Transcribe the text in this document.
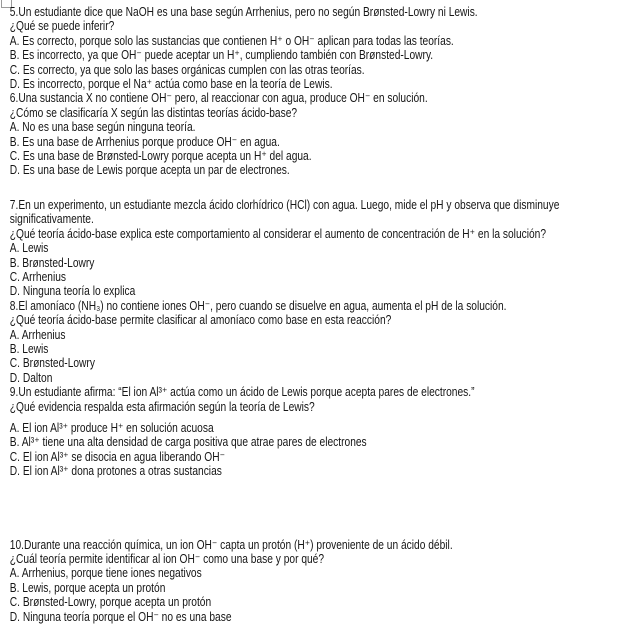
5.Un estudiante dice que NaOH es una base según Arrhenius, pero no según Brønsted-Lowry ni Lewis.
¿Qué se puede inferir?
A. Es correcto, porque solo las sustancias que contienen H⁺ o OH⁻ aplican para todas las teorías.
B. Es incorrecto, ya que OH⁻ puede aceptar un H⁺, cumpliendo también con Brønsted-Lowry.
C. Es correcto, ya que solo las bases orgánicas cumplen con las otras teorías.
D. Es incorrecto, porque el Na⁺ actúa como base en la teoría de Lewis.
6.Una sustancia X no contiene OH⁻ pero, al reaccionar con agua, produce OH⁻ en solución.
¿Cómo se clasificaría X según las distintas teorías ácido-base?
A. No es una base según ninguna teoría.
B. Es una base de Arrhenius porque produce OH⁻ en agua.
C. Es una base de Brønsted-Lowry porque acepta un H⁺ del agua.
D. Es una base de Lewis porque acepta un par de electrones.
7.En un experimento, un estudiante mezcla ácido clorhídrico (HCl) con agua. Luego, mide el pH y observa que disminuye
significativamente.
¿Qué teoría ácido-base explica este comportamiento al considerar el aumento de concentración de H⁺ en la solución?
A. Lewis
B. Brønsted-Lowry
C. Arrhenius
D. Ninguna teoría lo explica
8.El amoníaco (NH₃) no contiene iones OH⁻, pero cuando se disuelve en agua, aumenta el pH de la solución.
¿Qué teoría ácido-base permite clasificar al amoníaco como base en esta reacción?
A. Arrhenius
B. Lewis
C. Brønsted-Lowry
D. Dalton
9.Un estudiante afirma: “El ion Al³⁺ actúa como un ácido de Lewis porque acepta pares de electrones.”
¿Qué evidencia respalda esta afirmación según la teoría de Lewis?
A. El ion Al³⁺ produce H⁺ en solución acuosa
B. Al³⁺ tiene una alta densidad de carga positiva que atrae pares de electrones
C. El ion Al³⁺ se disocia en agua liberando OH⁻
D. El ion Al³⁺ dona protones a otras sustancias
10.Durante una reacción química, un ion OH⁻ capta un protón (H⁺) proveniente de un ácido débil.
¿Cuál teoría permite identificar al ion OH⁻ como una base y por qué?
A. Arrhenius, porque tiene iones negativos
B. Lewis, porque acepta un protón
C. Brønsted-Lowry, porque acepta un protón
D. Ninguna teoría porque el OH⁻ no es una base
